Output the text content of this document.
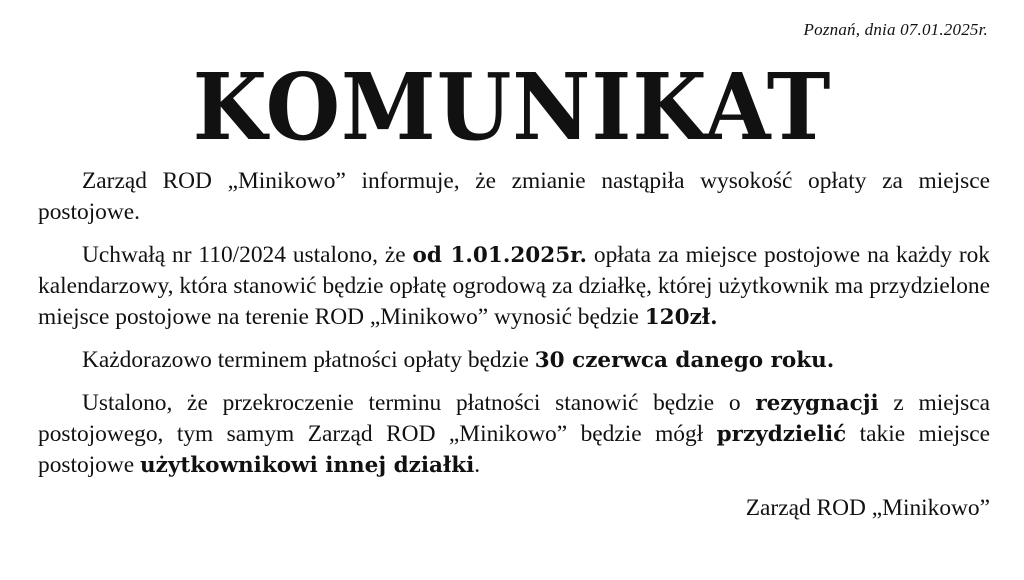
Poznań, dnia 07.01.2025r.
KOMUNIKAT

Zarząd ROD „Minikowo” informuje, że zmianie nastąpiła wysokość opłaty za miejsce postojowe.

Uchwałą nr 110/2024 ustalono, że od 1.01.2025r. opłata za miejsce postojowe na każdy rok kalendarzowy, która stanowić będzie opłatę ogrodową za działkę, której użytkownik ma przydzielone miejsce postojowe na terenie ROD „Minikowo” wynosić będzie 120zł.

Każdorazowo terminem płatności opłaty będzie 30 czerwca danego roku.

Ustalono, że przekroczenie terminu płatności stanowić będzie o rezygnacji z miejsca postojowego, tym samym Zarząd ROD „Minikowo” będzie mógł przydzielić takie miejsce postojowe użytkownikowi innej działki.

Zarząd ROD „Minikowo”
